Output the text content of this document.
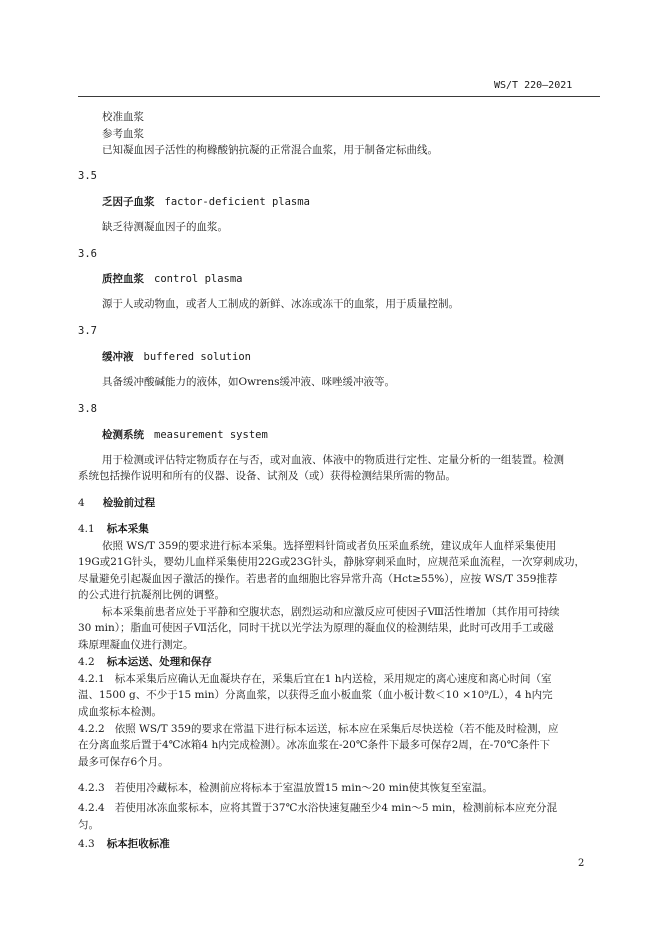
WS/T 220—2021
校准血浆
参考血浆
已知凝血因子活性的枸橼酸钠抗凝的正常混合血浆，用于制备定标曲线。
3.5
乏因子血浆 factor-deficient plasma
缺乏待测凝血因子的血浆。
3.6
质控血浆 control plasma
源于人或动物血，或者人工制成的新鲜、冰冻或冻干的血浆，用于质量控制。
3.7
缓冲液 buffered solution
具备缓冲酸碱能力的液体，如Owrens缓冲液、咪唑缓冲液等。
3.8
检测系统 measurement system
用于检测或评估特定物质存在与否，或对血液、体液中的物质进行定性、定量分析的一组装置。检测
系统包括操作说明和所有的仪器、设备、试剂及（或）获得检测结果所需的物品。
4 检验前过程
4.1 标本采集
依照 WS/T 359的要求进行标本采集。选择塑料针筒或者负压采血系统，建议成年人血样采集使用
19G或21G针头，婴幼儿血样采集使用22G或23G针头，静脉穿刺采血时，应规范采血流程，一次穿刺成功，
尽量避免引起凝血因子激活的操作。若患者的血细胞比容异常升高（Hct≥55%），应按 WS/T 359推荐
的公式进行抗凝剂比例的调整。
标本采集前患者应处于平静和空腹状态，剧烈运动和应激反应可使因子Ⅷ活性增加（其作用可持续
30 min）；脂血可使因子Ⅶ活化，同时干扰以光学法为原理的凝血仪的检测结果，此时可改用手工或磁
珠原理凝血仪进行测定。
4.2 标本运送、处理和保存
4.2.1 标本采集后应确认无血凝块存在，采集后宜在1 h内送检，采用规定的离心速度和离心时间（室
温、1500 g、不少于15 min）分离血浆，以获得乏血小板血浆（血小板计数＜10 ×10⁹/L），4 h内完
成血浆标本检测。
4.2.2 依照 WS/T 359的要求在常温下进行标本运送，标本应在采集后尽快送检（若不能及时检测，应
在分离血浆后置于4℃冰箱4 h内完成检测）。冰冻血浆在-20℃条件下最多可保存2周，在-70℃条件下
最多可保存6个月。
4.2.3 若使用冷藏标本，检测前应将标本于室温放置15 min～20 min使其恢复至室温。
4.2.4 若使用冰冻血浆标本，应将其置于37℃水浴快速复融至少4 min～5 min，检测前标本应充分混
匀。
4.3 标本拒收标准
2
